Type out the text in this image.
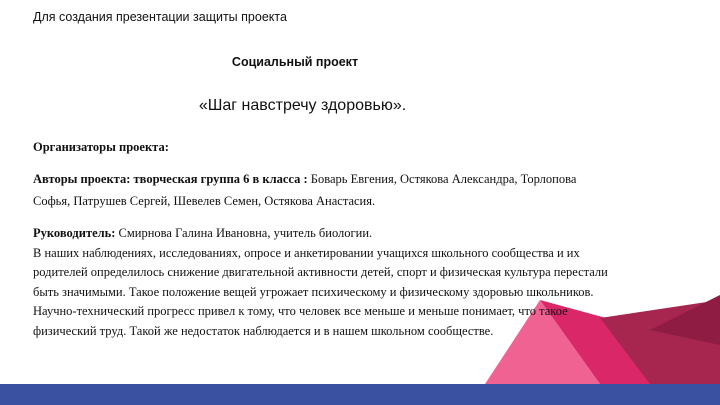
Для создания презентации защиты проекта
Социальный проект
«Шаг навстречу здоровью».
Организаторы проекта:
Авторы проекта: творческая группа 6 в класса : Боварь Евгения, Остякова Александра, Торлопова
Софья, Патрушев Сергей, Шевелев Семен, Остякова Анастасия.
Руководитель: Смирнова Галина Ивановна, учитель биологии.
В наших наблюдениях, исследованиях, опросе и анкетировании учащихся школьного сообщества и их
родителей определилось снижение двигательной активности детей, спорт и физическая культура перестали
быть значимыми. Такое положение вещей угрожает психическому и физическому здоровью школьников.
Научно-технический прогресс привел к тому, что человек все меньше и меньше понимает, что такое
физический труд. Такой же недостаток наблюдается и в нашем школьном сообществе.
